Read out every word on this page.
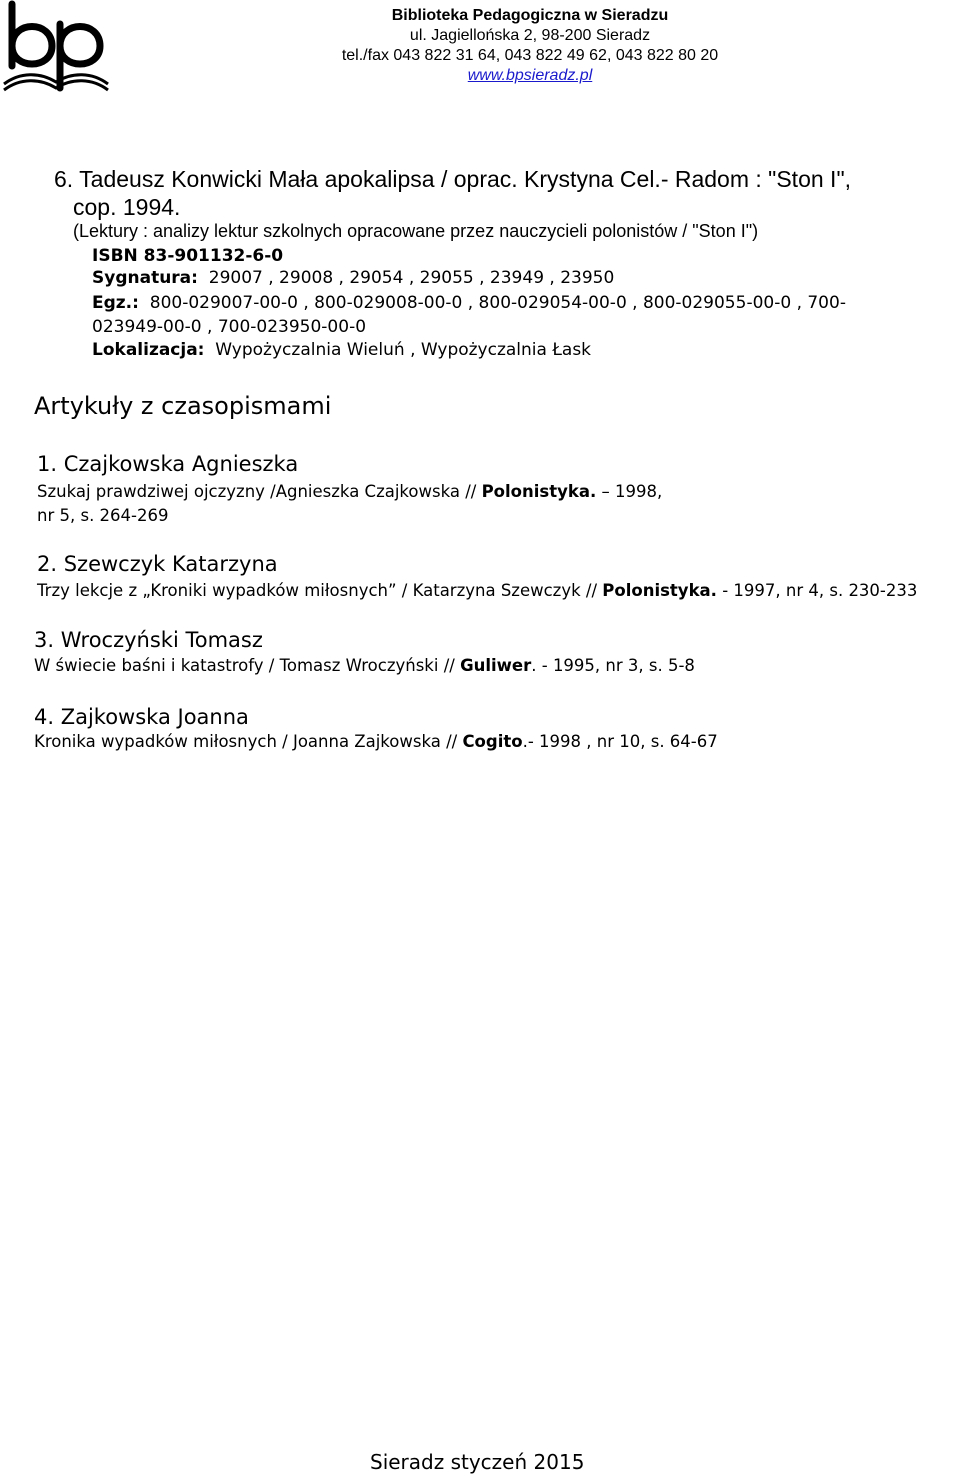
Biblioteka Pedagogiczna w Sieradzu
ul. Jagiellońska 2, 98-200 Sieradz
tel./fax 043 822 31 64, 043 822 49 62, 043 822 80 20
www.bpsieradz.pl
6. Tadeusz Konwicki Mała apokalipsa / oprac. Krystyna Cel.- Radom : "Ston I",
cop. 1994.
(Lektury : analizy lektur szkolnych opracowane przez nauczycieli polonistów / "Ston I")
ISBN 83-901132-6-0
Sygnatura: 29007 , 29008 , 29054 , 29055 , 23949 , 23950
Egz.: 800-029007-00-0 , 800-029008-00-0 , 800-029054-00-0 , 800-029055-00-0 , 700-
023949-00-0 , 700-023950-00-0
Lokalizacja: Wypożyczalnia Wieluń , Wypożyczalnia Łask
Artykuły z czasopismami
1. Czajkowska Agnieszka
Szukaj prawdziwej ojczyzny /Agnieszka Czajkowska // Polonistyka. – 1998,
nr 5, s. 264-269
2. Szewczyk Katarzyna
Trzy lekcje z „Kroniki wypadków miłosnych” / Katarzyna Szewczyk // Polonistyka. - 1997, nr 4, s. 230-233
3. Wroczyński Tomasz
W świecie baśni i katastrofy / Tomasz Wroczyński // Guliwer. - 1995, nr 3, s. 5-8
4. Zajkowska Joanna
Kronika wypadków miłosnych / Joanna Zajkowska // Cogito.- 1998 , nr 10, s. 64-67
Sieradz styczeń 2015
